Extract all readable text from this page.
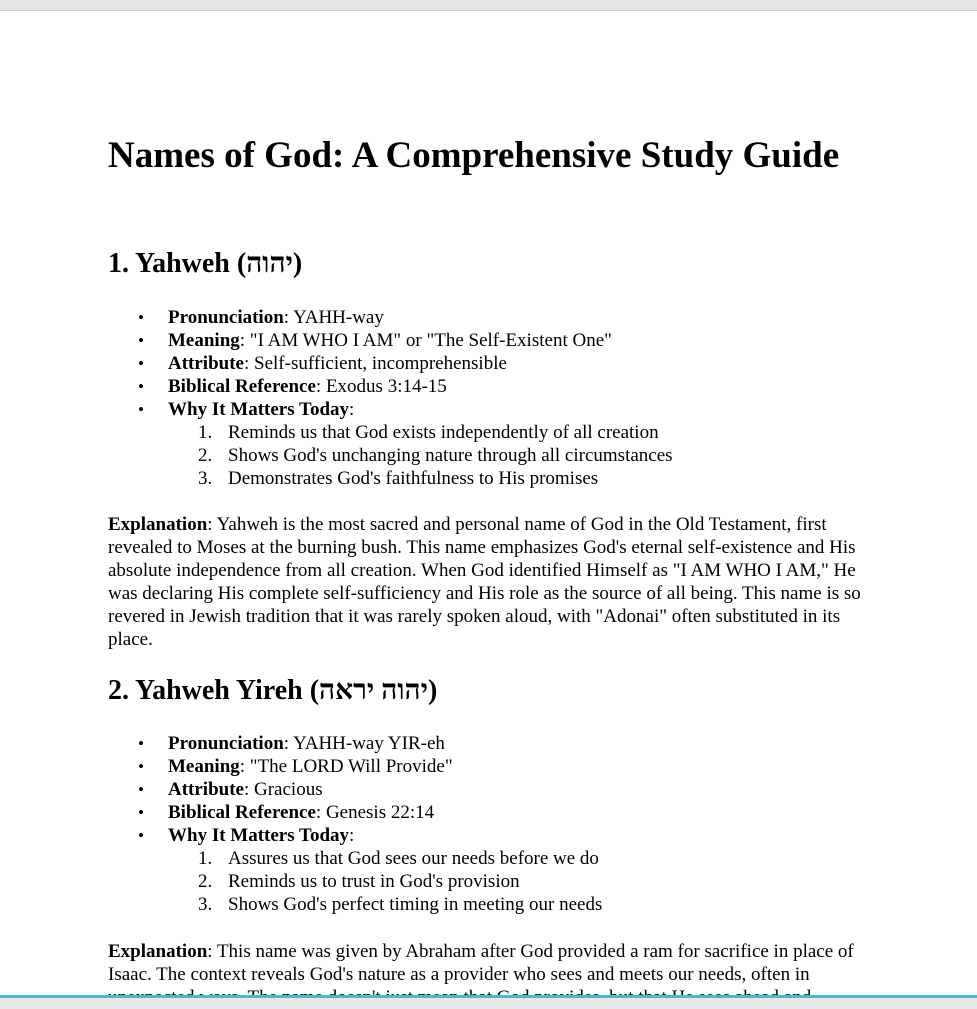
Names of God: A Comprehensive Study Guide
1. Yahweh (יהוה)
• Pronunciation: YAHH-way
• Meaning: "I AM WHO I AM" or "The Self-Existent One"
• Attribute: Self-sufficient, incomprehensible
• Biblical Reference: Exodus 3:14-15
• Why It Matters Today:
1. Reminds us that God exists independently of all creation
2. Shows God's unchanging nature through all circumstances
3. Demonstrates God's faithfulness to His promises

Explanation: Yahweh is the most sacred and personal name of God in the Old Testament, first revealed to Moses at the burning bush. This name emphasizes God's eternal self-existence and His absolute independence from all creation. When God identified Himself as "I AM WHO I AM," He was declaring His complete self-sufficiency and His role as the source of all being. This name is so revered in Jewish tradition that it was rarely spoken aloud, with "Adonai" often substituted in its place.

2. Yahweh Yireh (יהוה יראה)
• Pronunciation: YAHH-way YIR-eh
• Meaning: "The LORD Will Provide"
• Attribute: Gracious
• Biblical Reference: Genesis 22:14
• Why It Matters Today:
1. Assures us that God sees our needs before we do
2. Reminds us to trust in God's provision
3. Shows God's perfect timing in meeting our needs

Explanation: This name was given by Abraham after God provided a ram for sacrifice in place of Isaac. The context reveals God's nature as a provider who sees and meets our needs, often in
